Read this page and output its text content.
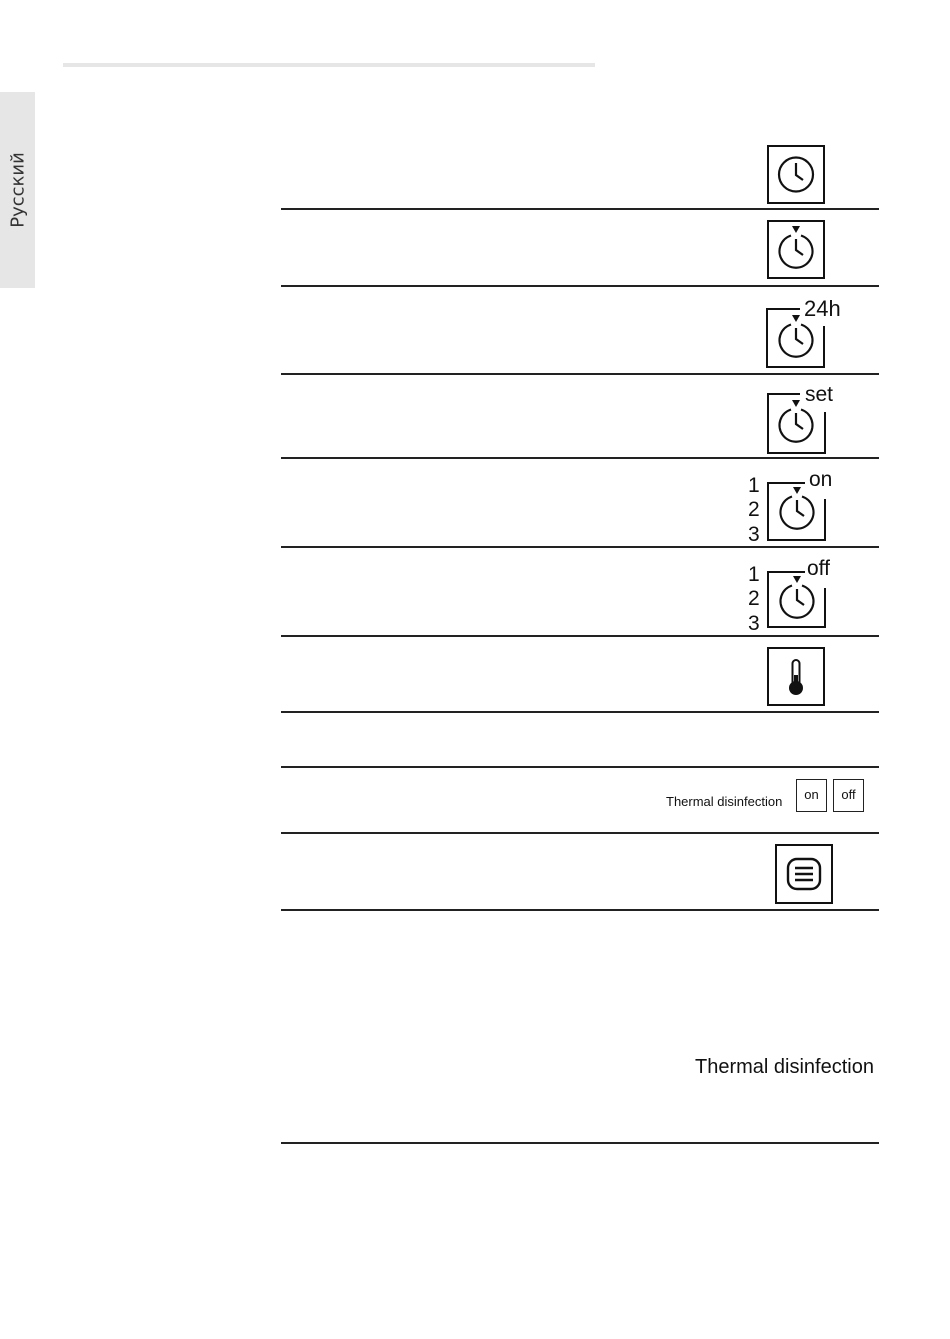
Русский
24h
set
1
2
3
on
1
2
3
off
Thermal disinfection	on	off
Thermal disinfection
